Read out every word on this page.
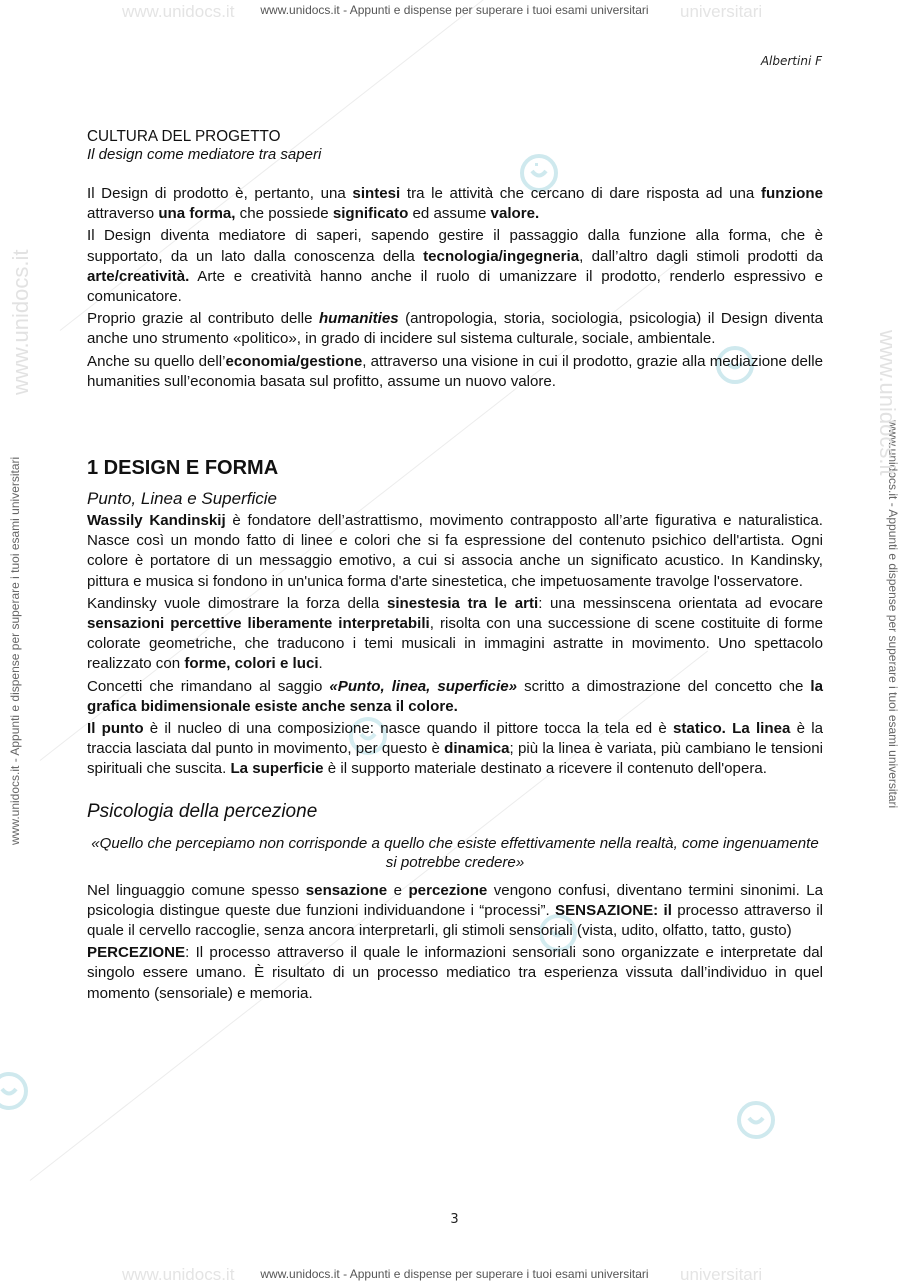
www.unidocs.it	universitari
www.unidocs.it	universitari
www.unidocs.it - Appunti e dispense per superare i tuoi esami universitari
www.unidocs.it - Appunti e dispense per superare i tuoi esami universitari
www.unidocs.it - Appunti e dispense per superare i tuoi esami universitari	www.unidocs.it - Appunti e dispense per superare i tuoi esami universitari
www.unidocs.it
www.unidocs.it
Albertini F
CULTURA DEL PROGETTO
Il design come mediatore tra saperi

Il Design di prodotto è, pertanto, una sintesi tra le attività che cercano di dare risposta ad una funzione attraverso una forma, che possiede significato ed assume valore.

Il Design diventa mediatore di saperi, sapendo gestire il passaggio dalla funzione alla forma, che è supportato, da un lato dalla conoscenza della tecnologia/ingegneria, dall’altro dagli stimoli prodotti da arte/creatività. Arte e creatività hanno anche il ruolo di umanizzare il prodotto, renderlo espressivo e comunicatore.

Proprio grazie al contributo delle humanities (antropologia, storia, sociologia, psicologia) il Design diventa anche uno strumento «politico», in grado di incidere sul sistema culturale, sociale, ambientale.

Anche su quello dell’economia/gestione, attraverso una visione in cui il prodotto, grazie alla mediazione delle humanities sull’economia basata sul profitto, assume un nuovo valore.

1 DESIGN E FORMA
Punto, Linea e Superficie

Wassily Kandinskij è fondatore dell’astrattismo, movimento contrapposto all’arte figurativa e naturalistica. Nasce così un mondo fatto di linee e colori che si fa espressione del contenuto psichico dell'artista. Ogni colore è portatore di un messaggio emotivo, a cui si associa anche un significato acustico. In Kandinsky, pittura e musica si fondono in un'unica forma d'arte sinestetica, che impetuosamente travolge l'osservatore.

Kandinsky vuole dimostrare la forza della sinestesia tra le arti: una messinscena orientata ad evocare sensazioni percettive liberamente interpretabili, risolta con una successione di scene costituite di forme colorate geometriche, che traducono i temi musicali in immagini astratte in movimento. Uno spettacolo realizzato con forme, colori e luci.

Concetti che rimandano al saggio «Punto, linea, superficie» scritto a dimostrazione del concetto che la grafica bidimensionale esiste anche senza il colore.

Il punto è il nucleo di una composizione: nasce quando il pittore tocca la tela ed è statico. La linea è la traccia lasciata dal punto in movimento, per questo è dinamica; più la linea è variata, più cambiano le tensioni spirituali che suscita. La superficie è il supporto materiale destinato a ricevere il contenuto dell'opera.

Psicologia della percezione

«Quello che percepiamo non corrisponde a quello che esiste effettivamente nella realtà, come ingenuamente si potrebbe credere»

Nel linguaggio comune spesso sensazione e percezione vengono confusi, diventano termini sinonimi. La psicologia distingue queste due funzioni individuandone i “processi”. SENSAZIONE: il processo attraverso il quale il cervello raccoglie, senza ancora interpretarli, gli stimoli sensoriali (vista, udito, olfatto, tatto, gusto)

PERCEZIONE: Il processo attraverso il quale le informazioni sensoriali sono organizzate e interpretate dal singolo essere umano. È risultato di un processo mediatico tra esperienza vissuta dall’individuo in quel momento (sensoriale) e memoria.

3
